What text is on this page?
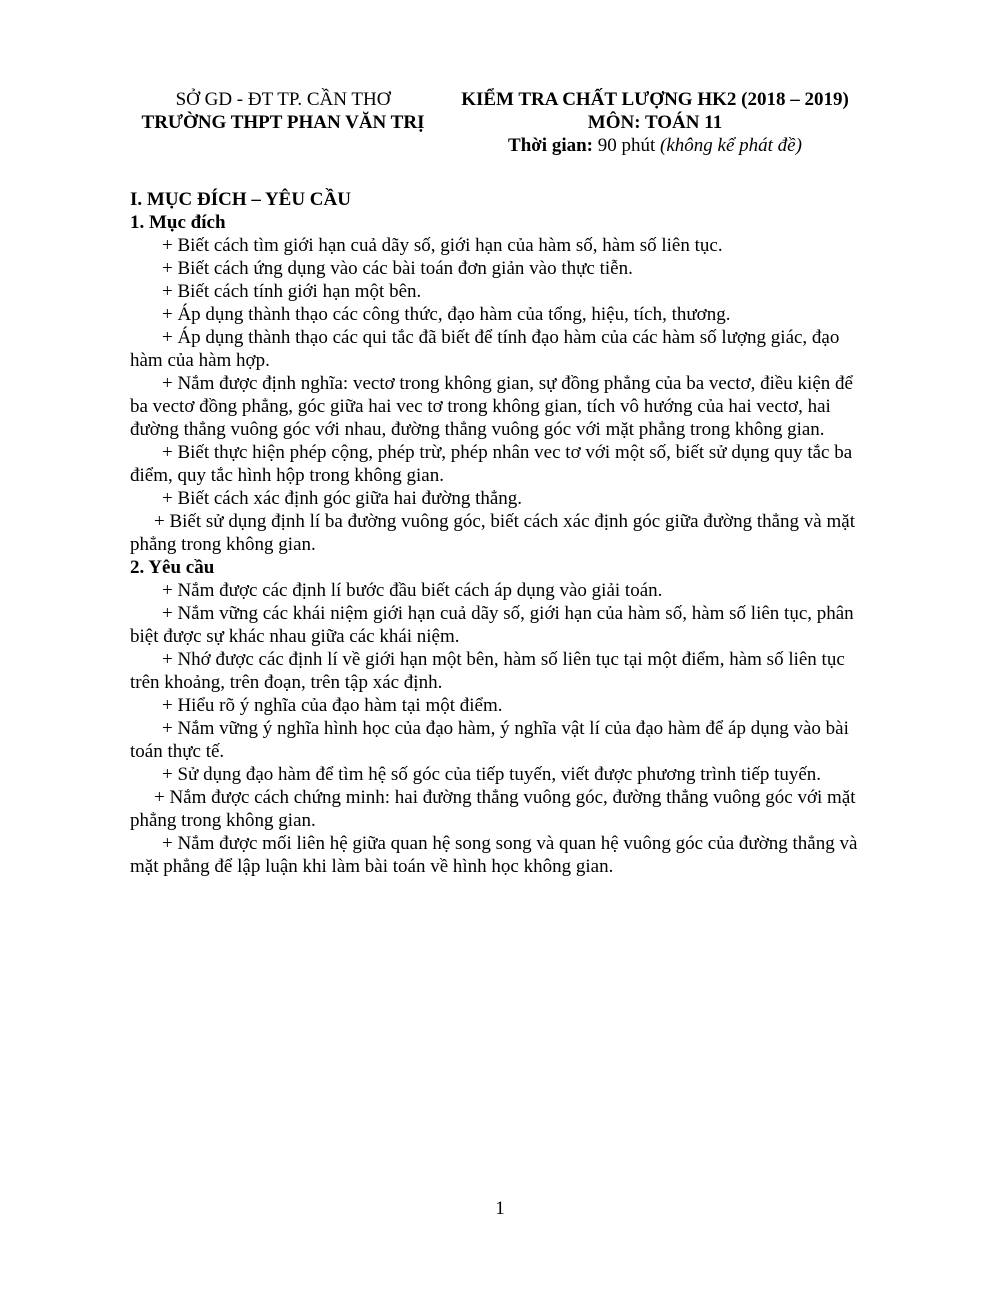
SỞ GD - ĐT TP. CẦN THƠ
TRƯỜNG THPT PHAN VĂN TRỊ
KIỂM TRA CHẤT LƯỢNG HK2 (2018 – 2019)
MÔN: TOÁN 11
Thời gian: 90 phút (không kể phát đề)

I. MỤC ĐÍCH – YÊU CẦU

1. Mục đích

+ Biết cách tìm giới hạn cuả dãy số, giới hạn của hàm số, hàm số liên tục.

+ Biết cách ứng dụng vào các bài toán đơn giản vào thực tiễn.

+ Biết cách tính giới hạn một bên.

+ Áp dụng thành thạo các công thức, đạo hàm của tổng, hiệu, tích, thương.

+ Áp dụng thành thạo các qui tắc đã biết để tính đạo hàm của các hàm số lượng giác, đạo hàm của hàm hợp.

+ Nắm được định nghĩa: vectơ trong không gian, sự đồng phẳng của ba vectơ, điều kiện để ba vectơ đồng phẳng, góc giữa hai vec tơ trong không gian, tích vô hướng của hai vectơ, hai đường thẳng vuông góc với nhau, đường thẳng vuông góc với mặt phẳng trong không gian.

+ Biết thực hiện phép cộng, phép trừ, phép nhân vec tơ với một số, biết sử dụng quy tắc ba điểm, quy tắc hình hộp trong không gian.

+ Biết cách xác định góc giữa hai đường thẳng.

+ Biết sử dụng định lí ba đường vuông góc, biết cách xác định góc giữa đường thẳng và mặt phẳng trong không gian.

2. Yêu cầu

+ Nắm được các định lí bước đầu biết cách áp dụng vào giải toán.

+ Nắm vững các khái niệm giới hạn cuả dãy số, giới hạn của hàm số, hàm số liên tục, phân biệt được sự khác nhau giữa các khái niệm.

+ Nhớ được các định lí về giới hạn một bên, hàm số liên tục tại một điểm, hàm số liên tục trên khoảng, trên đoạn, trên tập xác định.

+ Hiểu rõ ý nghĩa của đạo hàm tại một điểm.

+ Nắm vững ý nghĩa hình học của đạo hàm, ý nghĩa vật lí của đạo hàm để áp dụng vào bài toán thực tế.

+ Sử dụng đạo hàm để tìm hệ số góc của tiếp tuyến, viết được phương trình tiếp tuyến.

+ Nắm được cách chứng minh: hai đường thẳng vuông góc, đường thẳng vuông góc với mặt phẳng trong không gian.

+ Nắm được mối liên hệ giữa quan hệ song song và quan hệ vuông góc của đường thẳng và mặt phẳng để lập luận khi làm bài toán về hình học không gian.

1
